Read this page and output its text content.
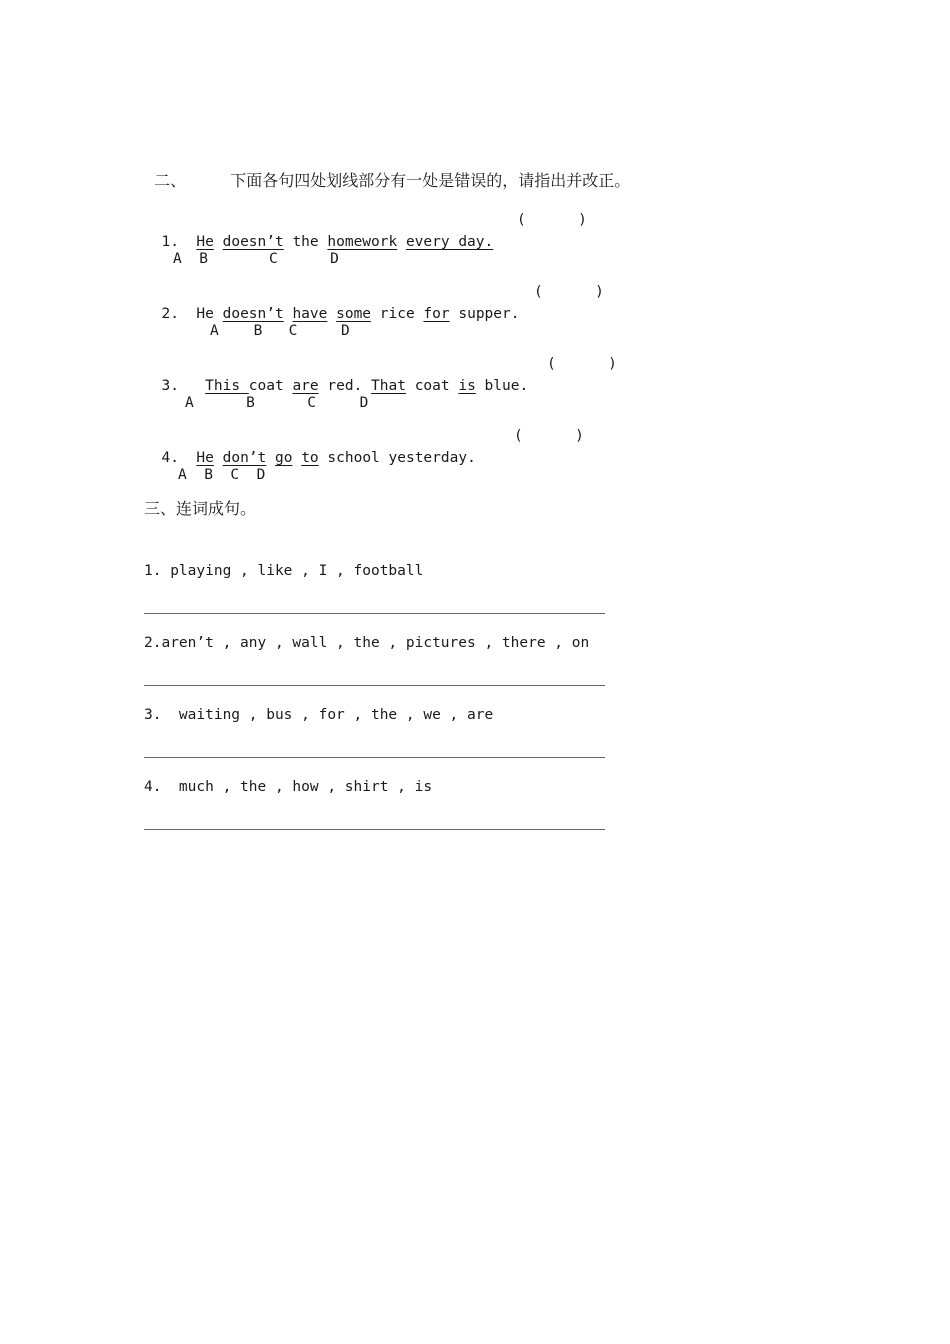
二、	下面各句四处划线部分有一处是错误的，请指出并改正。

1. He doesn’t the homework every day.

(      )
A  B       C      D

2. He doesn’t have some rice for supper.

(      )
A    B   C     D

3. This coat are red. That coat is blue.

(      )
A      B      C     D

4. He don’t go to school yesterday.

(      )
A  B  C  D
三、连词成句。
1. playing , like , I , football
2.aren’t , any , wall , the , pictures , there , on
3.  waiting , bus , for , the , we , are
4.  much , the , how , shirt , is
